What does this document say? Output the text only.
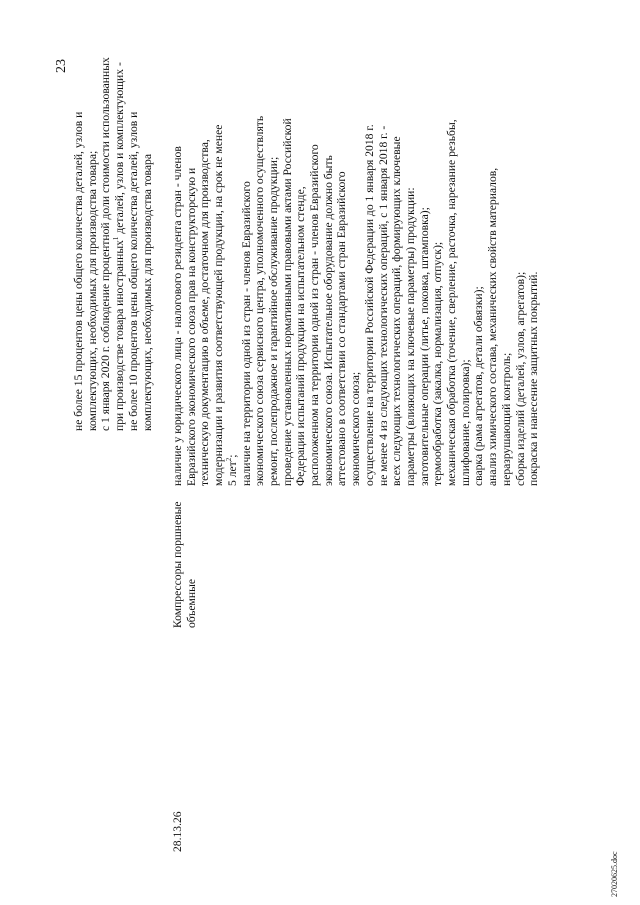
23
не более 15 процентов цены общего количества деталей, узлов и комплектующих, необходимых для производства товара; с 1 января 2020 г. соблюдение процентной доли стоимости использованных при производстве товара иностранных$^1$ деталей, узлов и комплектующих - не более 10 процентов цены общего количества деталей, узлов и комплектующих, необходимых для производства товара
28.13.26
Компрессоры поршневые объемные
наличие у юридического лица - налогового резидента стран - членов Евразийского экономического союза прав на конструкторскую и техническую документацию в объеме, достаточном для производства, модернизации и развития соответствующей продукции, на срок не менее 5 лет$^2$; наличие на территории одной из стран - членов Евразийского экономического союза сервисного центра, уполномоченного осуществлять ремонт, послепродажное и гарантийное обслуживание продукции; проведение установленных нормативными правовыми актами Российской Федерации испытаний продукции на испытательном стенде, расположенном на территории одной из стран - членов Евразийского экономического союза. Испытательное оборудование должно быть аттестовано в соответствии со стандартами стран Евразийского экономического союза; осуществление на территории Российской Федерации до 1 января 2018 г. не менее 4 из следующих технологических операций, с 1 января 2018 г. - всех следующих технологических операций, формирующих ключевые параметры (влияющих на ключевые параметры) продукции: заготовительные операции (литье, поковка, штамповка); термообработка (закалка, нормализация, отпуск); механическая обработка (точение, сверление, расточка, нарезание резьбы, шлифование, полировка); сварка (рама агрегатов, детали обвязки); анализ химического состава, механических свойств материалов, неразрушающий контроль; сборка изделий (деталей, узлов, агрегатов); покраска и нанесение защитных покрытий.
27020625.doc
